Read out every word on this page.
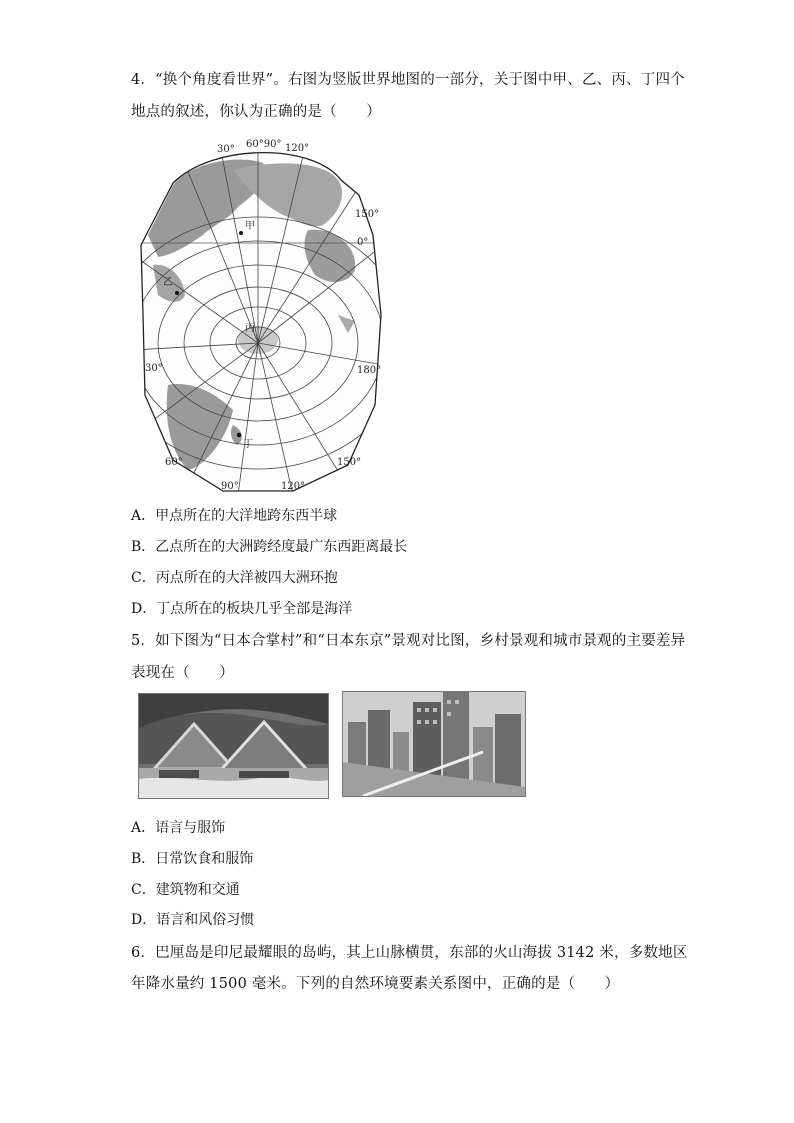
4．“换个角度看世界”。右图为竖版世界地图的一部分，关于图中甲、乙、丙、丁四个
地点的叙述，你认为正确的是（　　）
30° 60°90° 120°
150°
0°
30°	180°
60°
90°	120°
150°
甲
乙
丙
丁
A．甲点所在的大洋地跨东西半球
B．乙点所在的大洲跨经度最广东西距离最长
C．丙点所在的大洋被四大洲环抱
D．丁点所在的板块几乎全部是海洋
5．如下图为“日本合掌村”和“日本东京”景观对比图，乡村景观和城市景观的主要差异
表现在（　　）
A．语言与服饰
B．日常饮食和服饰
C．建筑物和交通
D．语言和风俗习惯
6．巴厘岛是印尼最耀眼的岛屿，其上山脉横贯，东部的火山海拔 3142 米，多数地区
年降水量约 1500 毫米。下列的自然环境要素关系图中，正确的是（　　）
